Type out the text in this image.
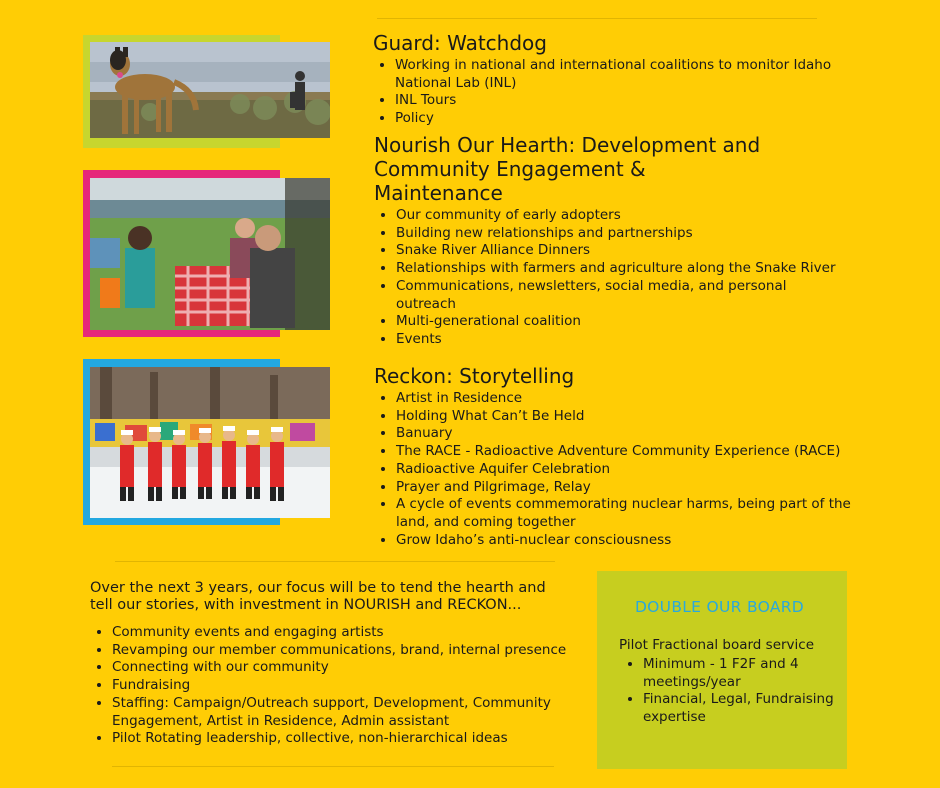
Guard: Watchdog
• Working in national and international coalitions to monitor Idaho National Lab (INL)
• INL Tours
• Policy
Nourish Our Hearth: Development and Community Engagement & Maintenance
• Our community of early adopters
• Building new relationships and partnerships
• Snake River Alliance Dinners
• Relationships with farmers and agriculture along the Snake River
• Communications, newsletters, social media, and personal outreach
• Multi-generational coalition
• Events
Reckon: Storytelling
• Artist in Residence
• Holding What Can’t Be Held
• Banuary
• The RACE - Radioactive Adventure Community Experience (RACE)
• Radioactive Aquifer Celebration
• Prayer and Pilgrimage, Relay
• A cycle of events commemorating nuclear harms, being part of the land, and coming together
• Grow Idaho’s anti-nuclear consciousness

Over the next 3 years, our focus will be to tend the hearth and tell our stories, with investment in NOURISH and RECKON...

• Community events and engaging artists
• Revamping our member communications, brand, internal presence
• Connecting with our community
• Fundraising
• Staffing: Campaign/Outreach support, Development, Community Engagement, Artist in Residence, Admin assistant
• Pilot Rotating leadership, collective, non-hierarchical ideas
DOUBLE OUR BOARD
Pilot Fractional board service
• Minimum - 1 F2F and 4 meetings/year
• Financial, Legal, Fundraising expertise
